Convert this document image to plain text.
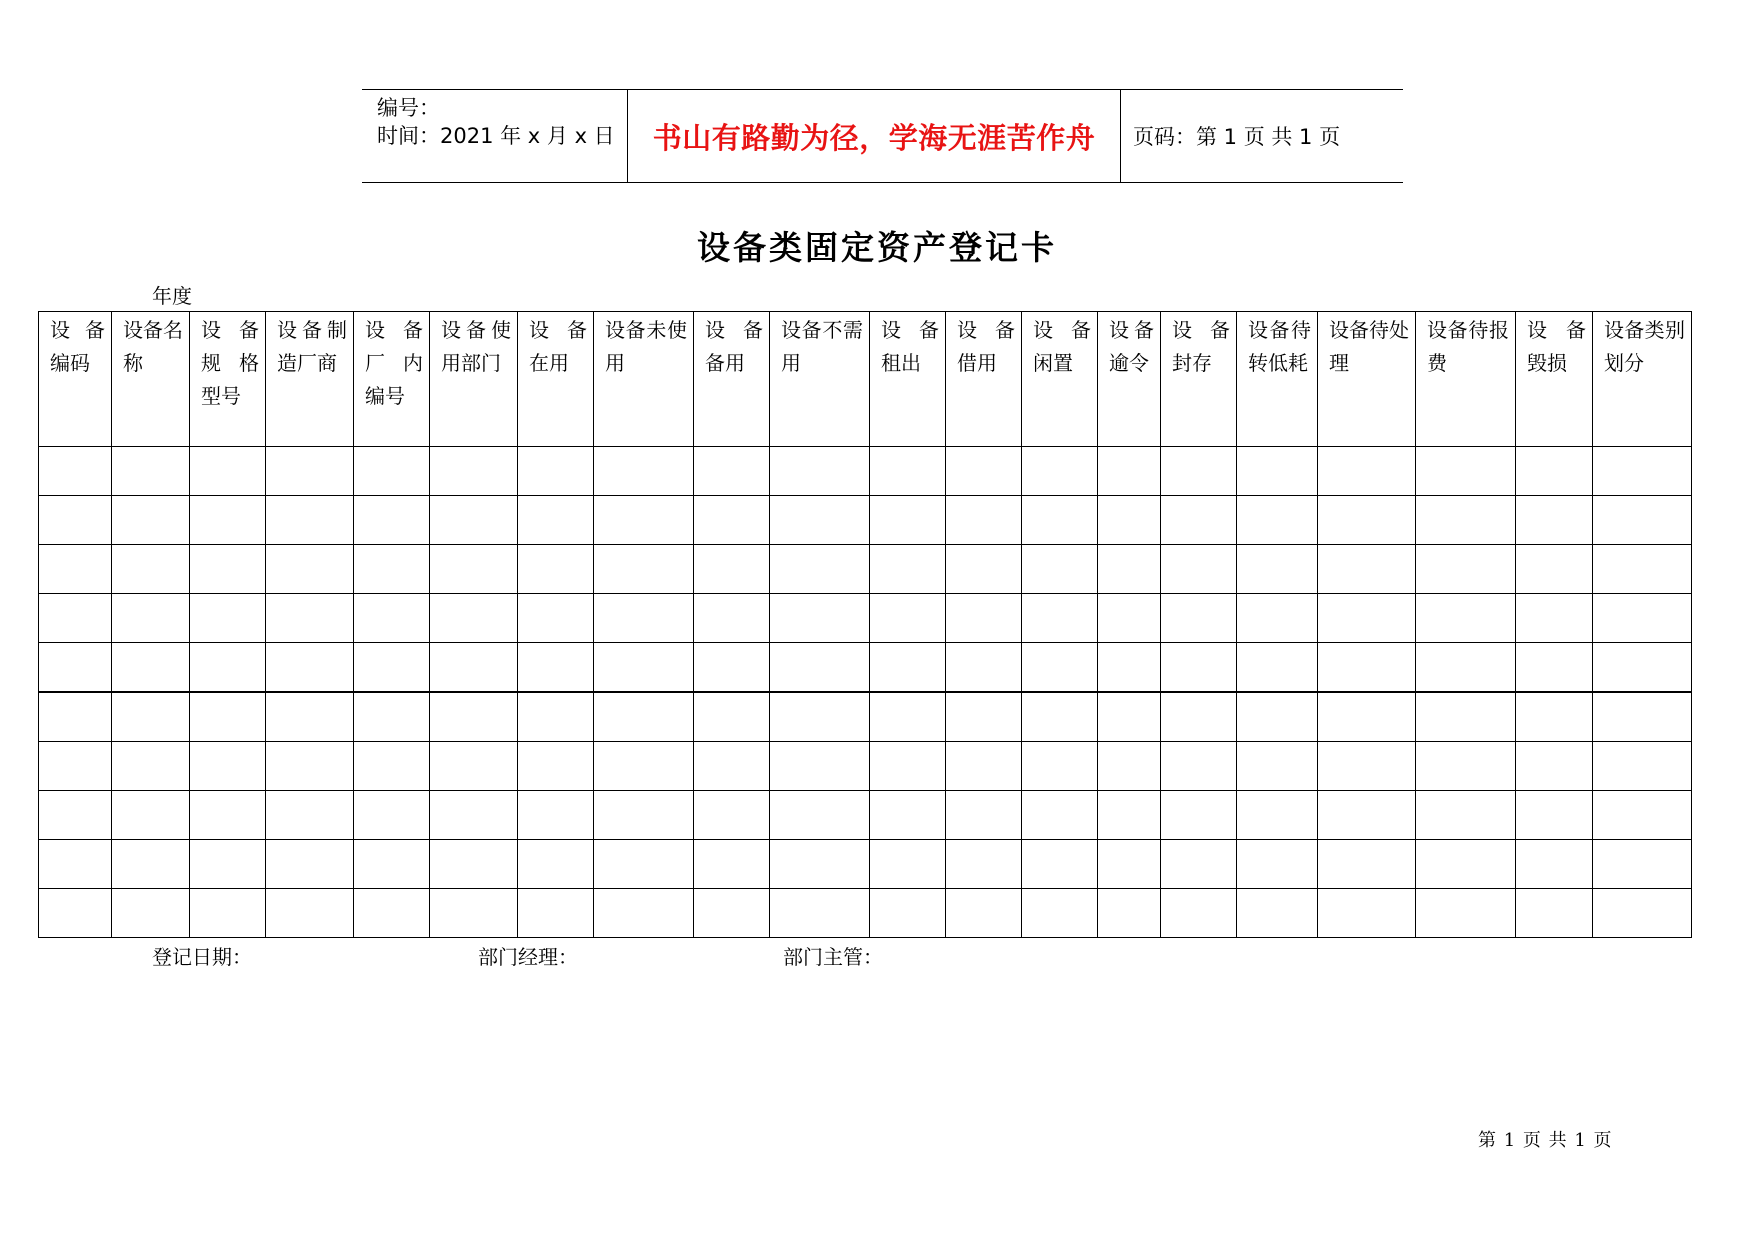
编号：
时间：2021 年 x 月 x 日	书山有路勤为径，学海无涯苦作舟	页码：第 1 页 共 1 页
设备类固定资产登记卡
年度
设备编码	设备名称	设备规格型号	设备制造厂商	设备厂内编号	设备使用部门	设备在用	设备未使用	设备备用	设备不需用	设备租出	设备借用	设备闲置	设备逾令	设备封存	设备待转低耗	设备待处理	设备待报费	设备毁损	设备类别划分

登记日期：	部门经理：	部门主管：
第 1 页 共 1 页
